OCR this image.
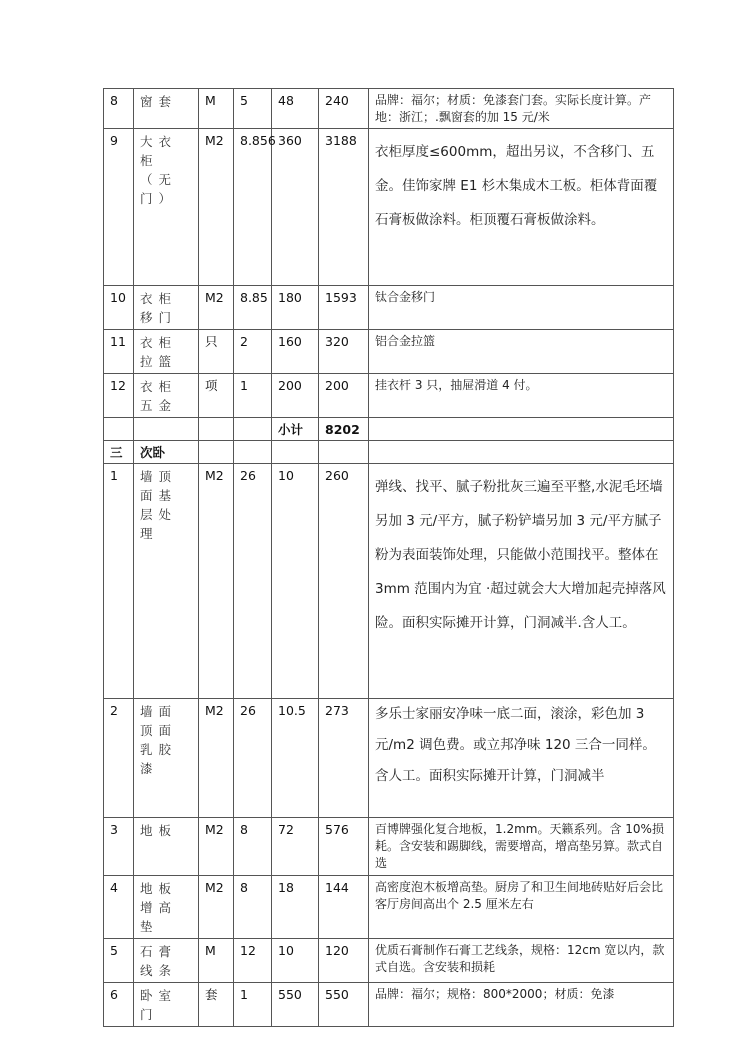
8	窗套	M	5	48	240	品牌：福尔；材质：免漆套门套。实际长度计算。产地：浙江；.飘窗套的加 15 元/米
9	大衣柜（无门）	M2	8.856	360	3188	衣柜厚度≤600mm，超出另议，不含移门、五金。佳饰家牌 E1 杉木集成木工板。柜体背面覆石膏板做涂料。柜顶覆石膏板做涂料。
10	衣柜移门	M2	8.85	180	1593	钛合金移门
11	衣柜拉篮	只	2	160	320	铝合金拉篮
12	衣柜五金	项	1	200	200	挂衣杆 3 只，抽屉滑道 4 付。
				小计	8202	
三	次卧					
1	墙顶面基层处理	M2	26	10	260	弹线、找平、腻子粉批灰三遍至平整,水泥毛坯墙另加 3 元/平方，腻子粉铲墙另加 3 元/平方腻子粉为表面装饰处理，只能做小范围找平。整体在 3mm 范围内为宜 ·超过就会大大增加起壳掉落风险。面积实际摊开计算，门洞减半.含人工。
2	墙面顶面乳胶漆	M2	26	10.5	273	多乐士家丽安净味一底二面，滚涂，彩色加 3 元/m2 调色费。或立邦净味 120 三合一同样。含人工。面积实际摊开计算，门洞减半
3	地板	M2	8	72	576	百博牌强化复合地板，1.2mm。天籁系列。含 10%损耗。含安装和踢脚线，需要增高，增高垫另算。款式自选
4	地板增高垫	M2	8	18	144	高密度泡木板增高垫。厨房了和卫生间地砖贴好后会比客厅房间高出个 2.5 厘米左右
5	石膏线条	M	12	10	120	优质石膏制作石膏工艺线条，规格：12cm 宽以内，款式自选。含安装和损耗
6	卧室门	套	1	550	550	品牌：福尔；规格：800*2000；材质：免漆
